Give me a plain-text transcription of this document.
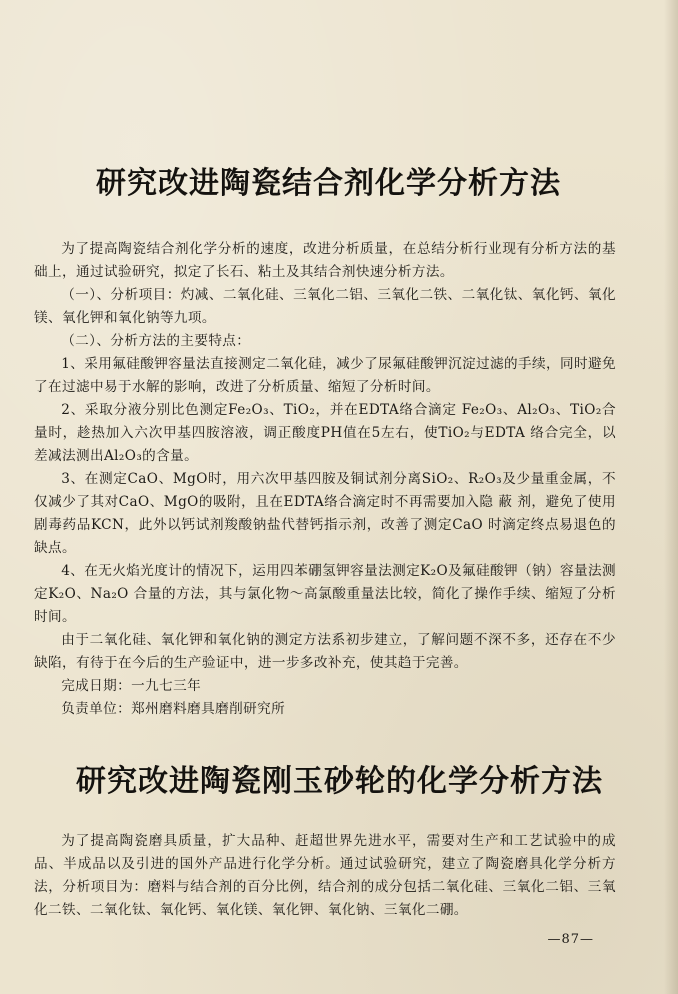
研究改进陶瓷结合剂化学分析方法

为了提高陶瓷结合剂化学分析的速度，改进分析质量，在总结分析行业现有分析方法的基础上，通过试验研究，拟定了长石、粘土及其结合剂快速分析方法。

（一）、分析项目：灼减、二氧化硅、三氧化二铝、三氧化二铁、二氧化钛、氧化钙、氧化镁、氧化钾和氧化钠等九项。

（二）、分析方法的主要特点：

1、采用氟硅酸钾容量法直接测定二氧化硅，减少了尿氟硅酸钾沉淀过滤的手续，同时避免了在过滤中易于水解的影响，改进了分析质量、缩短了分析时间。

2、采取分液分别比色测定Fe₂O₃、TiO₂，并在EDTA络合滴定 Fe₂O₃、Al₂O₃、TiO₂合量时，趁热加入六次甲基四胺溶液，调正酸度PH值在5左右，使TiO₂与EDTA 络合完全，以差减法测出Al₂O₃的含量。

3、在测定CaO、MgO时，用六次甲基四胺及铜试剂分离SiO₂、R₂O₃及少量重金属，不仅减少了其对CaO、MgO的吸附，且在EDTA络合滴定时不再需要加入隐 蔽 剂，避免了使用剧毒药品KCN，此外以钙试剂羧酸钠盐代替钙指示剂，改善了测定CaO 时滴定终点易退色的缺点。

4、在无火焰光度计的情况下，运用四苯硼氢钾容量法测定K₂O及氟硅酸钾（钠）容量法测定K₂O、Na₂O 合量的方法，其与氯化物～高氯酸重量法比较，简化了操作手续、缩短了分析时间。

由于二氧化硅、氧化钾和氧化钠的测定方法系初步建立，了解问题不深不多，还存在不少缺陷，有待于在今后的生产验证中，进一步多改补充，使其趋于完善。

完成日期：一九七三年

负责单位：郑州磨料磨具磨削研究所

研究改进陶瓷刚玉砂轮的化学分析方法

为了提高陶瓷磨具质量，扩大品种、赶超世界先进水平，需要对生产和工艺试验中的成品、半成品以及引进的国外产品进行化学分析。通过试验研究，建立了陶瓷磨具化学分析方法，分析项目为：磨料与结合剂的百分比例，结合剂的成分包括二氧化硅、三氧化二铝、三氧化二铁、二氧化钛、氧化钙、氧化镁、氧化钾、氧化钠、三氧化二硼。

—87—
